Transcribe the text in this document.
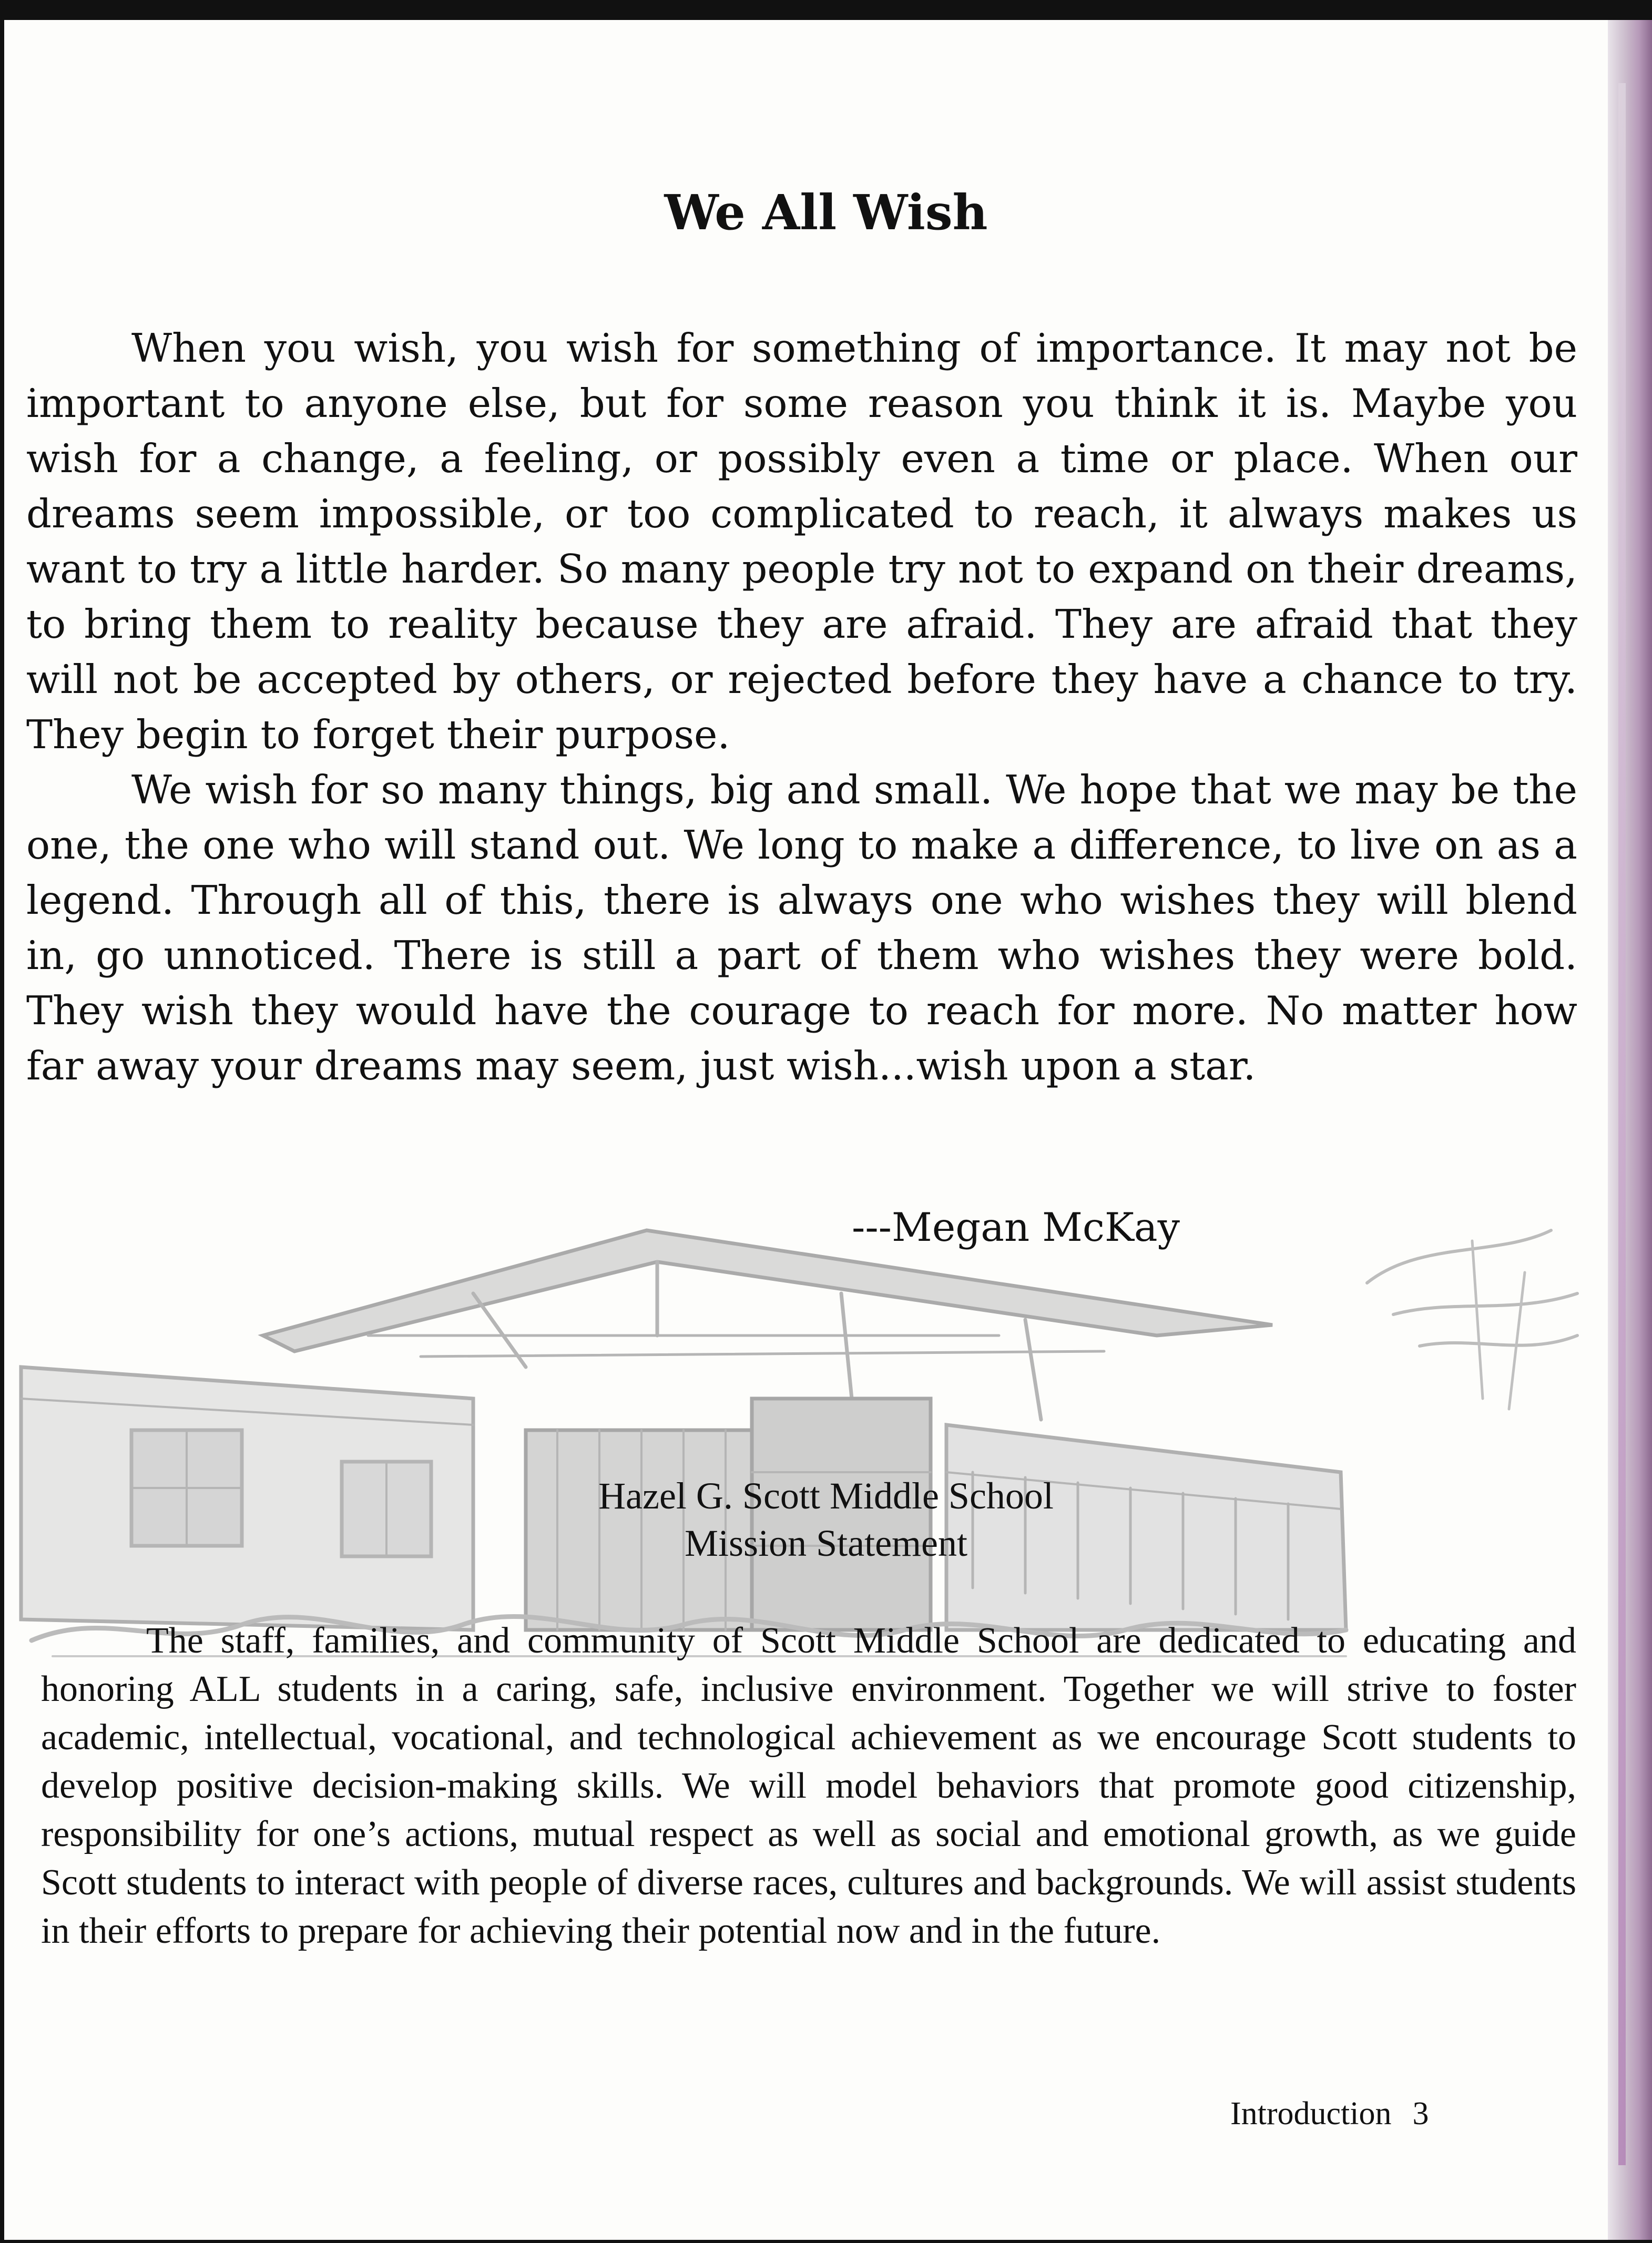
We All Wish

When you wish, you wish for something of importance. It may not be important to anyone else, but for some reason you think it is. Maybe you wish for a change, a feeling, or possibly even a time or place. When our dreams seem impossible, or too complicated to reach, it always makes us want to try a little harder. So many people try not to expand on their dreams, to bring them to reality because they are afraid. They are afraid that they will not be accepted by others, or rejected before they have a chance to try. They begin to forget their purpose.

We wish for so many things, big and small. We hope that we may be the one, the one who will stand out. We long to make a difference, to live on as a legend. Through all of this, there is always one who wishes they will blend in, go unnoticed. There is still a part of them who wishes they were bold. They wish they would have the courage to reach for more. No matter how far away your dreams may seem, just wish...wish upon a star.

---Megan McKay
Hazel G. Scott Middle School
Mission Statement

The staff, families, and community of Scott Middle School are dedicated to educating and honoring ALL students in a caring, safe, inclusive environment. Together we will strive to foster academic, intellectual, vocational, and technological achievement as we encourage Scott students to develop positive decision-making skills. We will model behaviors that promote good citizenship, responsibility for one’s actions, mutual respect as well as social and emotional growth, as we guide Scott students to interact with people of diverse races, cultures and backgrounds. We will assist students in their efforts to prepare for achieving their potential now and in the future.

Introduction 3
